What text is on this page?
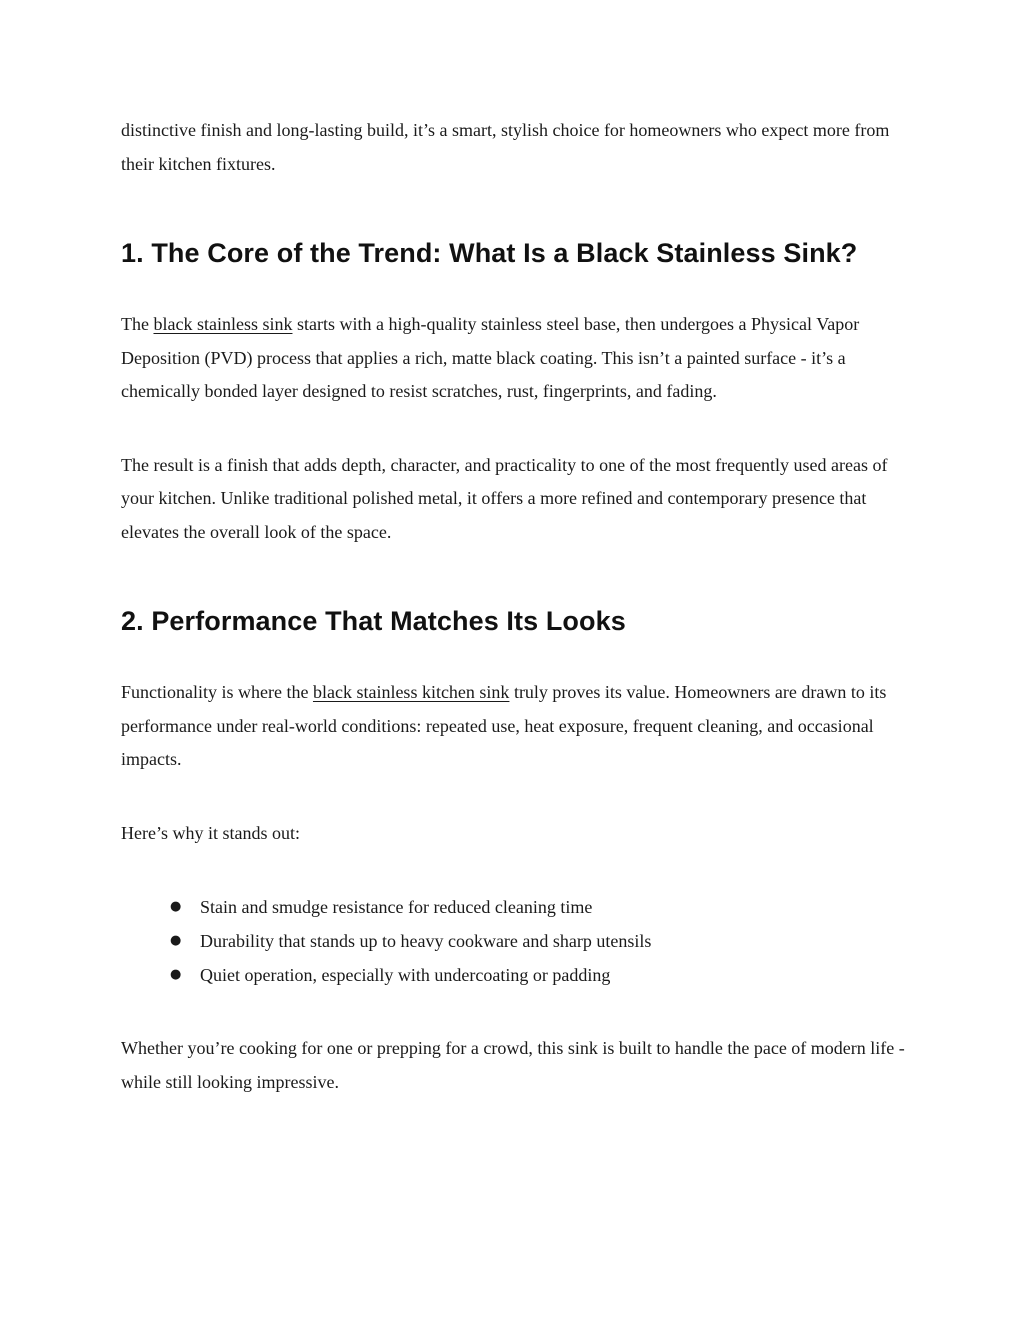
distinctive finish and long-lasting build, it’s a smart, stylish choice for homeowners who expect more from their kitchen fixtures.

1. The Core of the Trend: What Is a Black Stainless Sink?

The black stainless sink starts with a high-quality stainless steel base, then undergoes a Physical Vapor Deposition (PVD) process that applies a rich, matte black coating. This isn’t a painted surface - it’s a chemically bonded layer designed to resist scratches, rust, fingerprints, and fading.

The result is a finish that adds depth, character, and practicality to one of the most frequently used areas of your kitchen. Unlike traditional polished metal, it offers a more refined and contemporary presence that elevates the overall look of the space.

2. Performance That Matches Its Looks

Functionality is where the black stainless kitchen sink truly proves its value. Homeowners are drawn to its performance under real-world conditions: repeated use, heat exposure, frequent cleaning, and occasional impacts.

Here’s why it stands out:

● Stain and smudge resistance for reduced cleaning time
● Durability that stands up to heavy cookware and sharp utensils
● Quiet operation, especially with undercoating or padding

Whether you’re cooking for one or prepping for a crowd, this sink is built to handle the pace of modern life - while still looking impressive.
